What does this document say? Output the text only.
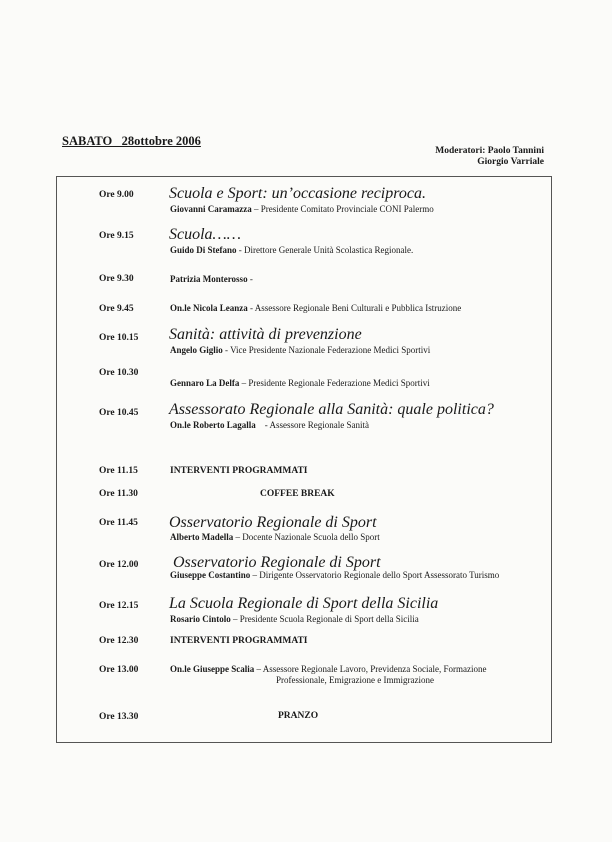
SABATO   28ottobre 2006
Moderatori: Paolo Tannini
Giorgio Varriale
Ore 9.00	Scuola e Sport: un’occasione reciproca.
Giovanni Caramazza – Presidente Comitato Provinciale CONI Palermo
Ore 9.15	Scuola……
Guido Di Stefano - Direttore Generale Unità Scolastica Regionale.
Ore 9.30	Patrizia Monterosso -
Ore 9.45	On.le Nicola Leanza - Assessore Regionale Beni Culturali e Pubblica Istruzione
Ore 10.15	Sanità: attività di prevenzione
Angelo Giglio - Vice Presidente Nazionale Federazione Medici Sportivi
Ore 10.30
Gennaro La Delfa – Presidente Regionale Federazione Medici Sportivi
Ore 10.45	Assessorato Regionale alla Sanità: quale politica?
On.le Roberto Lagalla    - Assessore Regionale Sanità
Ore 11.15	INTERVENTI PROGRAMMATI
Ore 11.30	COFFEE BREAK
Ore 11.45	Osservatorio Regionale di Sport
Alberto Madella – Docente Nazionale Scuola dello Sport
Ore 12.00	Osservatorio Regionale di Sport
Giuseppe Costantino – Dirigente Osservatorio Regionale dello Sport Assessorato Turismo
Ore 12.15	La Scuola Regionale di Sport della Sicilia
Rosario Cintolo – Presidente Scuola Regionale di Sport della Sicilia
Ore 12.30	INTERVENTI PROGRAMMATI
Ore 13.00	On.le Giuseppe Scalia – Assessore Regionale Lavoro, Previdenza Sociale, Formazione
Professionale, Emigrazione e Immigrazione
Ore 13.30	PRANZO
